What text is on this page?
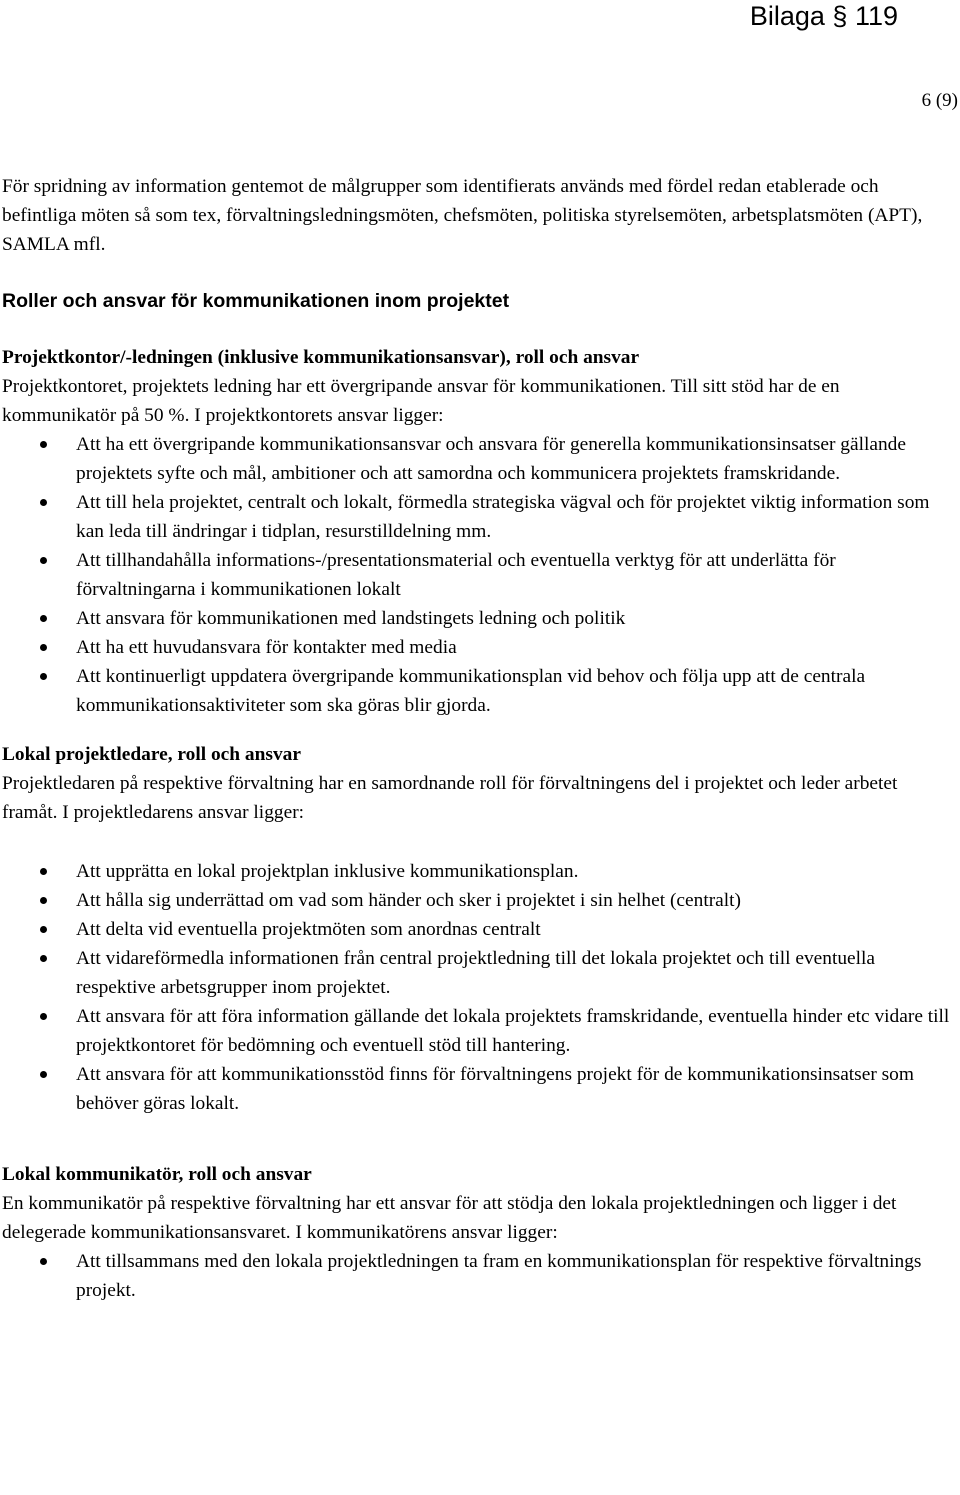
Bilaga § 119

6 (9)

För spridning av information gentemot de målgrupper som identifierats används med fördel redan etablerade och befintliga möten så som tex, förvaltningsledningsmöten, chefsmöten, politiska styrelsemöten, arbetsplatsmöten (APT), SAMLA mfl.

Roller och ansvar för kommunikationen inom projektet
Projektkontor/-ledningen (inklusive kommunikationsansvar), roll och ansvar

Projektkontoret, projektets ledning har ett övergripande ansvar för kommunikationen. Till sitt stöd har de en kommunikatör på 50 %. I projektkontorets ansvar ligger:

Att ha ett övergripande kommunikationsansvar och ansvara för generella kommunikationsinsatser gällande projektets syfte och mål, ambitioner och att samordna och kommunicera projektets framskridande.
Att till hela projektet, centralt och lokalt, förmedla strategiska vägval och för projektet viktig information som kan leda till ändringar i tidplan, resurstilldelning mm.
Att tillhandahålla informations-/presentationsmaterial och eventuella verktyg för att underlätta för förvaltningarna i kommunikationen lokalt
Att ansvara för kommunikationen med landstingets ledning och politik
Att ha ett huvudansvara för kontakter med media
Att kontinuerligt uppdatera övergripande kommunikationsplan vid behov och följa upp att de centrala kommunikationsaktiviteter som ska göras blir gjorda.
Lokal projektledare, roll och ansvar

Projektledaren på respektive förvaltning har en samordnande roll för förvaltningens del i projektet och leder arbetet framåt. I projektledarens ansvar ligger:

Att upprätta en lokal projektplan inklusive kommunikationsplan.
Att hålla sig underrättad om vad som händer och sker i projektet i sin helhet (centralt)
Att delta vid eventuella projektmöten som anordnas centralt
Att vidareförmedla informationen från central projektledning till det lokala projektet och till eventuella respektive arbetsgrupper inom projektet.
Att ansvara för att föra information gällande det lokala projektets framskridande, eventuella hinder etc vidare till projektkontoret för bedömning och eventuell stöd till hantering.
Att ansvara för att kommunikationsstöd finns för förvaltningens projekt för de kommunikationsinsatser som behöver göras lokalt.
Lokal kommunikatör, roll och ansvar

En kommunikatör på respektive förvaltning har ett ansvar för att stödja den lokala projektledningen och ligger i det delegerade kommunikationsansvaret. I kommunikatörens ansvar ligger:

Att tillsammans med den lokala projektledningen ta fram en kommunikationsplan för respektive förvaltnings projekt.
